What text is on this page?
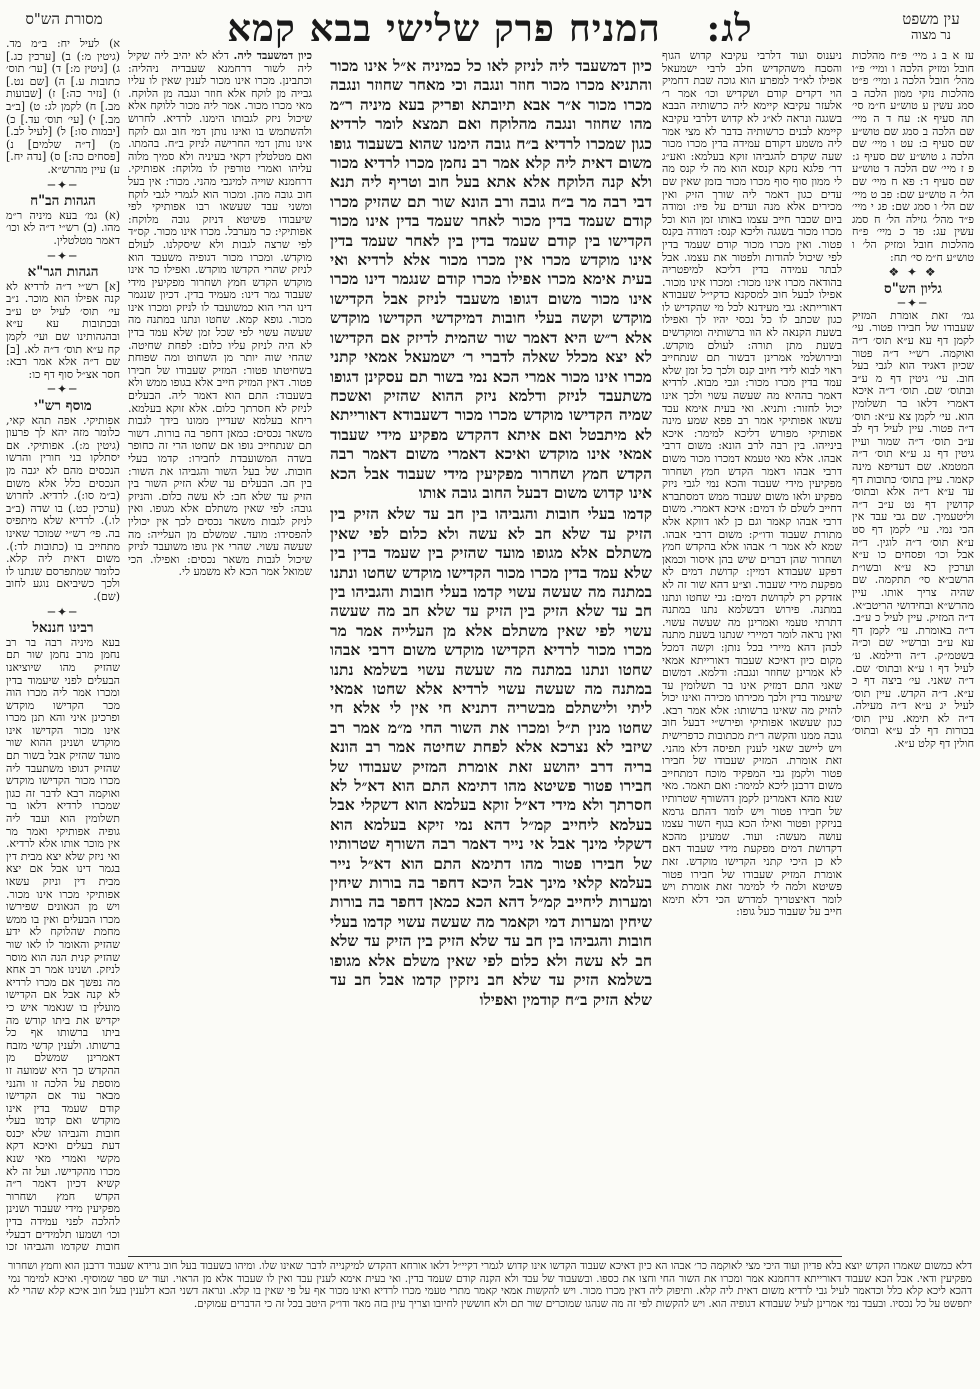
עין משפט
נר מצוה
לג:  המניח פרק שלישי בבא קמא
מסורת הש"ס

עז א ב ג מיי׳ פ״ח מהלכות חובל ומזיק הלכה ו ומיי׳ פ״ו מהל׳ חובל הלכה ג ומיי׳ פ״ט מהלכות נזקי ממון הלכה ב סמג עשין ע טוש״ע ח״מ סי׳ תה סעיף א: עח ד ה מיי׳ שם הלכה ב סמג שם טוש״ע שם סעיף ב: עט ו מיי׳ שם הלכה ג טוש״ע שם סעיף ג: פ ז מיי׳ שם הלכה ד טוש״ע שם סעיף ד: פא ח מיי׳ שם הל׳ ה טוש״ע שם: פב ט מיי׳ שם הל׳ ו סמג שם: פג י מיי׳ פ״ד מהל׳ גזילה הל׳ ח סמג עשין עג: פד כ מיי׳ פ״ח מהלכות חובל ומזיק הל׳ ו טוש״ע ח״מ סי׳ תח:

❖ ✦ ❖
גליון הש"ס
─✦─

גמ׳ זאת אומרת המזיק שעבודו של חבירו פטור. עי׳ לקמן דף עא ע״א תוס׳ ד״ה ואוקמה. רש״י ד״ה פטור שכיון דאגיד הוא לגבי בעל חוב. עי׳ גיטין דף מ ע״ב ובתוס׳ שם. תוס׳ ד״ה איכא דאמרי דלאו בר תשלומין הוא. עי׳ לקמן צא ע״א: תוס׳ ד״ה פטור. עיין לעיל דף לב ע״ב תוס׳ ד״ה שמור ועיין גיטין דף נג ע״א תוס׳ ד״ה המטמא. שם דעדיפא מינה קאמר. עיין בתוס׳ כתובות דף עד ע״א ד״ה אלא ובתוס׳ קדושין דף נט ע״ב ד״ה וליטעמיך. שם גבי עבד אין הכי נמי. עי׳ לקמן דף סט ע״א תוס׳ ד״ה לוגין. ד״ה אבל וכו׳ ופסחים כו ע״א וערכין כא ע״א ובשו״ת הרשב״א סי׳ תתקמה. שם שהיה צריך אותו. עיין מהרש״א ובחידושי הריטב״א. ד״ה המזיק. עיין לעיל כ ע״ב. ד״ה באומרת. עי׳ לקמן דף עא ע״ב וברש״י שם וכ״ה בשטמ״ק. ד״ה ודילמא. ע׳ לעיל דף ו ע״א ובתוס׳ שם. ד״ה שאני. עי׳ ביצה דף כ ע״א. ד״ה הקדש. עיין תוס׳ לעיל יג ע״א ד״ה מעילה. ד״ה לא תימא. עיין תוס׳ בכורות דף לב ע״א ובתוס׳ חולין דף קלט ע״א.

ניענוס ועוד דלרבי עקיבא קדוש הגוף והסבח משהקדיש חלב לרבי ישמעאל אפילו לא״ד למפרע הוא גוכה שבת דחמיק הוי דקדים קודם ושקדיש וכו׳ אמר ר׳ אלעזר עקיבא קיימא ליה כרשותיה הבבא בשגגה ונראה לא״ג לא קדוש דלרבי עקיבא קיימא לבנים כרשותיה בדבר לא מצי אמר ליה משמע דקודם עמידה בדין מכרו מכור שעה שקדם להגביהו זוקא בעלמא: ואע״ג דר׳ פלגא נזקא קנסא הוא מה לי קנס מה לי ממון סוף סוף מכרו מכור בזמן שאין שם עדים כגון דאמר ליה שורך הזיק ואין מכירים אלא מנה ועדים על פיו: ומודה ביום שכבר חייב עצמו באותו זמן הוא וכל מכרו מכור בשגגה וליכא קנס: דמודה בקנס פטור. ואין מכרו מכור קודם שעמד בדין לפי שיכול להודות ולפטור את עצמו. אבל לבתר עמידה בדין דליכא למיפטריה בהודאה מכרו אינו מכור: ומכרו אינו מכור. אפילו לבעל חוב למסקנא כדקי״ל שעבודא דאורייתא: גבי מעידנא לכל מי שהקדיש לו כגון שכתב לו כל נכסי יהיו לך ואפילו בשעת הקנאה לא הוו ברשותיה ומוקדשים בשעת מתן תורה: לעולם מוקדש. ובירושלמי אמרינן דבשור תם שנתחייב ראוי לבוא לידי חיוב קנס ולכך כל זמן שלא עמד בדין מכרו מכור: וגבי מבוא. לרדיא דאמר בההיא מה שעשה עשוי ולכך אינו יכול לחזור: ותניא. ואי בעית אימא עבד עשאו אפותיקי אמר רב פפא שמע מינה אפותיקי מפורש דליכא למימר: איכא בינייהו. בין רבה לרב הונא: משום דרבי אבהו. אלא מאי טעמא דמכרו מכור משום דרבי אבהו דאמר הקדש חמץ ושחרור מפקיעין מידי שעבוד והכא נמי לגבי ניזק מפקיע ולאו משום שעבוד ממש דמסתברא דחייב לשלם לו דמים: איכא דאמרי. משום דרבי אבהו קאמר וגם כן לאו דווקא אלא מתורת שעבוד ודו״ק: משום דרבי אבהו. שמא לא אמר ר׳ אבהו אלא בהקדש חמץ ושחרור שהן דברים שיש בהן איסור וכמאן דפקע שעבודא דמיין: קדושת דמים לא מפקעת מידי שעבוד. וצ״ע דהא שור זה לא אזדקק רק לקדושת דמים: גבי שחטו ונתנו במתנה. פירוש דבשלמא נתנו במתנה דתרתי טעמי ואמרינן מה שעשה עשוי. ואין נראה לומר דמיירי שנתנו בשעת מתנה לכהן דהא מיירי בכל נותן: וקשה דמכל מקום כיון דאיכא שעבוד דאורייתא אמאי לא אמרינן שחוזר ונגבה: ודלמא. דמשום שאני התם דמזיק אינו בר תשלומין עד שיעמוד בדין ולכך מכירתו מכירה ואינו יכול להזיק מה שאינו ברשותו: אלא אמר רבא. כגון שעשאו אפותיקי ופירש״י דבעל חוב גובה ממנו והקשה ר״ת מכתובות כדפרישית ויש ליישב שאני לענין תפיסה דלא מהני. זאת אומרת. המזיק שעבודו של חבירו פטור ולקמן גבי המפקיד מוכח דמתחייב משום דרבנן ליכא למימר: ואם תאמר. מאי שנא מהא דאמרינן לקמן דהשורף שטרותיו של חבירו פטור ויש לומר דהתם גרמא בניזקין ופטור ואילו הכא בגוף השור עצמו עושה מעשה: ועוד. שמעינן מהכא דקדושת דמים מפקעת מידי שעבוד דאם לא כן היכי קתני הקדישו מוקדש. זאת אומרת המזיק שעבודו של חבירו פטור פשיטא ולמה לי למימר זאת אומרת ויש לומר דאיצטריך למדרש הכי דלא תימא חייב על שעבוד כעל גופו:

כיון דמשעבד ליה לניזק לאו כל כמיניה א״ל אינו מכור והתניא מכרו מכור חוזר ונגבה וכי מאחר שחוזר ונגבה מכרו מכור א״ר אבא תיובתא ופריק בעא מיניה ר״מ מהו שחוזר ונגבה מהלוקח ואם תמצא לומר לרדיא כגון שמכרו לרדיא ב״ח גובה הימנו שהוא בשעבוד גופו משום דאית ליה קלא אמר רב נחמן מכרו לרדיא מכור ולא קנה הלוקח אלא אתא בעל חוב וטריף ליה תנא דבי רבה מר ב״ח גובה ורב הונא שור תם שהזיק מכרו קודם שעמד בדין מכור לאחר שעמד בדין אינו מכור הקדישו בין קודם שעמד בדין בין לאחר שעמד בדין אינו מוקדש מכרו אין מכרו מכור אלא לרדיא ואי בעית אימא מכרו אפילו מכרו קודם שנגמר דינו מכרו אינו מכור משום דגופו משעבד לניזק אבל הקדישו מוקדש וקשה בעלי חובות דמיקדשי הקדישו מוקדש אלא ר״ש היא דאמר שור שהמית לדיזק אם הקדישו לא יצא מכלל שאלה לדברי ר׳ ישמעאל אמאי קתני מכרו אינו מכור אמרי הכא נמי בשור תם עסקינן דגופו משתעבד לניזק ודלמא ניזק ההוא שהזיק ואשכח שמיה הקדישו מוקדש מכרו מכור דשעבודא דאורייתא לא מיתבטל ואם איתא דהקדש מפקיע מידי שעבוד אמאי אינו מוקדש ואיכא דאמרי משום דאמר רבה הקדש חמץ ושחרור מפקיעין מידי שעבוד אבל הכא אינו קדוש משום דבעל החוב גובה אותו

קדמו בעלי חובות והגביהו בין חב עד שלא הזיק בין הזיק עד שלא חב לא עשה ולא כלום לפי שאין משתלם אלא מגופו מועד שהזיק בין שעמד בדין בין שלא עמד בדין מכרו מכור הקדישו מוקדש שחטו ונתנו במתנה מה שעשה עשוי קדמו בעלי חובות והגביהו בין חב עד שלא הזיק בין הזיק עד שלא חב מה שעשה עשוי לפי שאין משתלם אלא מן העלייה אמר מר מכרו מכור לרדיא הקדישו מוקדש משום דרבי אבהו שחטו ונתנו במתנה מה שעשה עשוי בשלמא נתנו במתנה מה שעשה עשוי לרדיא אלא שחטו אמאי ליתי ולישתלם מבשריה דתניא חי אין לי אלא חי שחטו מנין ת״ל ומכרו את השור החי מ״מ אמר רב שיזבי לא נצרכא אלא לפחת שחיטה אמר רב הונא בריה דרב יהושע זאת אומרת המזיק שעבודו של חבירו פטור פשיטא מהו דתימא התם הוא דא״ל לא חסרתך ולא מידי דא״ל זוקא בעלמא הוא דשקלי אבל בעלמא ליחייב קמ״ל דהא נמי זיקא בעלמא הוא דשקלי מינך אבל אי נייר דאמר רבה השורף שטרותיו של חבירו פטור מהו דתימא התם הוא דא״ל נייר בעלמא קלאי מינך אבל היכא דחפר בה בורות שיחין ומערות ליחייב קמ״ל דהא הכא כמאן דחפר בה בורות שיחין ומערות דמי וקאמר מה שעשה עשוי קדמו בעלי חובות והגביהו בין חב עד שלא הזיק בין הזיק עד שלא חב לא עשה ולא כלום לפי שאין משלם אלא מגופו בשלמא הזיק עד שלא חב ניזקין קדמו אבל חב עד שלא הזיק ב״ח קודמין ואפילו

כיון דמשעבד ליה. דלא לא יהיב ליה שקיל ליה לשור דרחמנא שעבדיה ניהליה: וכתבינן. מכרו אינו מכור לענין שאין לו עליו גבייה מן לוקח אלא חוזר ונגבה מן הלוקח. מאי מכרו מכור. אמר ליה מכור ללוקח אלא שיכול ניזק לגבותו הימנו. לרדיא. לחרוש ולהשתמש בו ואינו נותן דמי חוב וגם לוקח אינו נותן דמי החרישה לניזק ב״ח. בהמתו. ואם מטלטלין דקאי בעיניה ולא סמיך מלוה עליהו ואמרי טורפין לו מלוקח: אפותיקי. דרחמנא שוייה למיגבי מהני. מכור: אין בעל חוב גובה מהן. ומכור הוא לגמרי לגבי לוקח ומשני עבד שעשאו רבו אפותיקי לפי שיעבודו פשיטא דניזק גובה מלוקח: אפותיקי: כר מערבל. מכרו אינו מכור. קס״ד לפי שרצה לגבות ולא שיסקלנו. לעולם מוקדש. ומכרו מכור דגופיה משעבד הוא לניזק שהרי הקדשו מוקדש. ואפילו כר אינו מוקדש הקדש חמץ ושחרור מפקיעין מידי שעבוד גמר דינו: מעמיד בדין. דכיון שנגמר דינו הרי הוא כמשועבד לו לניזק ומכרו אינו מכור. גופא קמא. שחטו ונתנו במתנה מה שעשה עשוי לפי שכל זמן שלא עמד בדין לא היה לניזק עליו כלום: לפחת שחיטה. שהחי שוה יותר מן השחוט ומה שפוחת בשחיטתו פטור: המזיק שעבודו של חבירו פטור. דאין המזיק חייב אלא בגופו ממש ולא בשעבוד: התם הוא דאמר ליה. הבעלים לניזק לא חסרתך כלום. אלא זוקא בעלמא. ריחא בעלמא שעדיין ממונו בידך לגבות משאר נכסים: כמאן דחפר בה בורות. דשור תם שנתחייב גופו אם שחטו הרי זה כחופר בשדה המשועבדת לחבירו: קדמו בעלי חובות. של בעל השור והגביהו את השור: בין חב. הבעלים עד שלא הזיק השור בין הזיק עד שלא חב: לא עשה כלום. והניזק גובה: לפי שאין משתלם אלא מגופו. ואין לניזק לגבות משאר נכסים לכך אין יכולין להפסידו: מועד. שמשלם מן העלייה: מה שעשה עשוי. שהרי אין גופו משועבד לניזק שיכול לגבות משאר נכסים: ואפילו. הכי שמואל אמר הכא לא משמע לי.

א) לעיל יח: ב״מ מד. (גיטין מ:) ב) [ערכין כג.] ג) [גיטין מ:] ד) [ער׳ תוס׳ כתובות ע.] ה) [שם נט.] ו) [נזיר כה:] ז) [שבועות מב.] ח) לקמן לג: ט) [ב״ב מב.] י) [עי׳ תוס׳ עד.] כ) [יבמות סו:] ל) [לעיל לב.] מ) [ד״ה שלמים] נ) [פסחים כה:] ס) [נדה יח.] ע) עיין מהרש״א.

─✦─
הגהות הב"ח

(א) גמ׳ בעא מיניה ר״מ מהו. (ב) רש״י ד״ה לא וכו׳ דאמר מטלטלין.

─✦─
הגהות הגר"א

[א] רש״י ד״ה לרדיא לא קנה אפילו הוא מוכר. נ״ב עי׳ תוס׳ לעיל יט ע״ב ובכתובות עא ע״א ובהגהותינו שם ועי׳ לקמן קח ע״א תוס׳ ד״ה לא. [ב] שם ד״ה אלא אמר רבא: חסר אצ״ל סוף דף כו:

─✦─
מוסף רש"י

אפותיקי. אפה תהא קאי, כלומר מזה יהא לך פרעון (גיטין מ:). אפותיקי. אם יסתלקו בני חורין והרשו הנכסים מהם לא יגבה מן הנכסים כלל אלא משום (ב״מ סו:). לרדיא. לחרוש (ערכין כט.) בו שדה (ב״ב לו.). לרדיא שלא מיתפיס בה. פי׳ רש״י שמוכר שאינו מתחייב בו (כתובות לד:). משום דאית ליה קלא. כלומר שמתפרסם שנתנו לו ולכך כשיביאם נוגע לחוב (שם).

─✦─
רבינו חננאל

בעא מיניה רבה בר רב נחמן מרב נחמן שור תם שהזיק מהו שיוציאנו הבעלים לפני שיעמוד בדין ומכרו אמר ליה מכרו הוה מכר הקדישו מוקדש ופרכינן איני והא תנן מכרו אינו מכור הקדישו אינו מוקדש ושנינן ההוא שור מועד שהזיק אבל בשור תם שהזיק דגופו משתעבד ליה מכרו מכור הקדישו מוקדש ואוקמה רבא לדבר זה כגון שמכרו לרדיא דלאו בר תשלומין הוא ועבד ליה גופיה אפותיקי ואמר מר אין מוכר אותו אלא לרדיא. ואי ניזק שלא יצא מבית דין בגמר דינו אבל אם יצא מבית דין וניזק עשאו אפותיקי מכרו אינו מכור. ויש מן הגאונים שפירשו מכרו הבעלים ואין בו ממש מחמת שהלוקח לא ידע שהזיק והאומר לו לאו שור שהזיק קנית הנה הוא מוסר לניזק. ושנינו אמר רב אחא מה נפשך אם מכרו לרדיא לא קנה אבל אם הקדישו מועלין בו שנאמר איש כי יקדיש את ביתו קודש מה ביתו ברשותו אף כל ברשותו. ולענין קדשי מזבח דאמרינן שמשלם מן ההקדש כך היא שמועה זו מוספת על הלכה זו והנני מבאר עוד אם הקדישו קודם שעמד בדין אינו מוקדש ואם קדמו בעלי חובות והגביהו שלא יכנס דעת בעלים ואיכא דקא מקשי ואמרי מאי שנא מכרו מהקדישו. ועל זה לא קשיא דכיון דאמר ר״ה הקדש חמץ ושחרור מפקיעין מידי שעבוד ושנינן להלכה לפני עמידה בדין וכו׳ ושמעו תלמידים דבעלי חובות שקדמו והגביהו זכו

דלא כמשום שאמרו הקדש יוצא בלא פדיון ועוד היכי מצי לאוקמה כר׳ אבהו הא כיון דאיכא שעבוד הקדשו אינו קדוש לגמרי דקיי״ל דלאו אורחא דהקדש למיקנייה לדבר שאינו שלו. ומיהו בשעבוד בעל חוב גרידא שעבוד דרבנן הוא וחמץ ושחרור מפקיעין ודאי. אבל הכא שעבוד דאורייתא דרחמנא אמר ומכרו את השור החי וחצו את כספו. ובשעבוד של עבד ולא הקנה קודם שעמד בדין. ואי בעית אימא לענין עבד ואין לו שעבוד אלא מן הראוי. ועוד יש ספר שמוסיף. ואיכא למימר נמי דהכא ליכא קלא כלל וכדאמר לעיל גבי לרדיא משום דאית ליה קלא. ותיפוק ליה דאין מכרו מכור. ויש להקשות אמאי קאמר מתרי טעמי מכרו לרדיא ואינו מכור אף על פי שאין בו קלא. ונראה דשני הכא דלענין בעל חוב איכא קלא שהרי לא יתפשט על כל נכסיו. ובעבד נמי אמרינן לעיל שעבודא דגופיה הוא. ויש להקשות לפי זה מה שנהגו שמוכרים שור תם ולא חוששין לחיובו וצריך עיון בזה מאד ודו״ק היטב בכל זה כי הדברים עמוקים.
